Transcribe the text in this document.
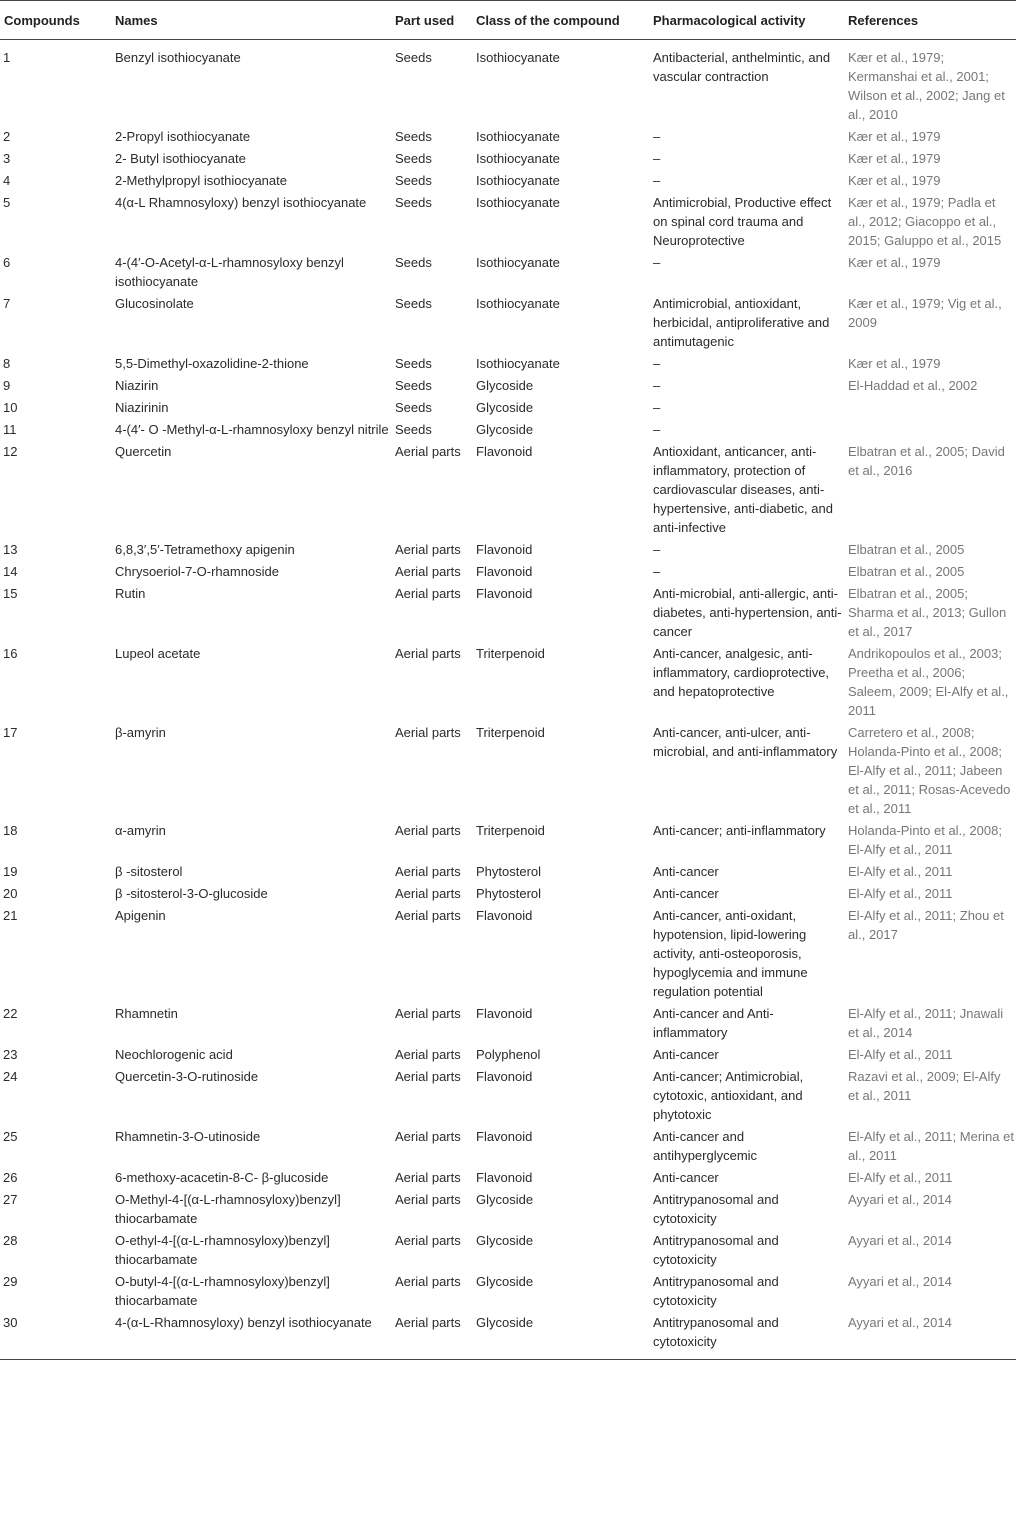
Compounds	Names	Part used	Class of the compound	Pharmacological activity	References
1	Benzyl isothiocyanate	Seeds	Isothiocyanate	Antibacterial, anthelmintic, and vascular contraction	Kær et al., 1979; Kermanshai et al., 2001; Wilson et al., 2002; Jang et al., 2010
2	2-Propyl isothiocyanate	Seeds	Isothiocyanate	–	Kær et al., 1979
3	2- Butyl isothiocyanate	Seeds	Isothiocyanate	–	Kær et al., 1979
4	2-Methylpropyl isothiocyanate	Seeds	Isothiocyanate	–	Kær et al., 1979
5	4(α-L Rhamnosyloxy) benzyl isothiocyanate	Seeds	Isothiocyanate	Antimicrobial, Productive effect on spinal cord trauma and Neuroprotective	Kær et al., 1979; Padla et al., 2012; Giacoppo et al., 2015; Galuppo et al., 2015
6	4-(4′-O-Acetyl-α-L-rhamnosyloxy benzyl isothiocyanate	Seeds	Isothiocyanate	–	Kær et al., 1979
7	Glucosinolate	Seeds	Isothiocyanate	Antimicrobial, antioxidant, herbicidal, antiproliferative and antimutagenic	Kær et al., 1979; Vig et al., 2009
8	5,5-Dimethyl-oxazolidine-2-thione	Seeds	Isothiocyanate	–	Kær et al., 1979
9	Niazirin	Seeds	Glycoside	–	El-Haddad et al., 2002
10	Niazirinin	Seeds	Glycoside	–	
11	4-(4′- O -Methyl-α-L-rhamnosyloxy benzyl nitrile	Seeds	Glycoside	–	
12	Quercetin	Aerial parts	Flavonoid	Antioxidant, anticancer, anti-inflammatory, protection of cardiovascular diseases, anti-hypertensive, anti-diabetic, and anti-infective	Elbatran et al., 2005; David et al., 2016
13	6,8,3′,5′-Tetramethoxy apigenin	Aerial parts	Flavonoid	–	Elbatran et al., 2005
14	Chrysoeriol-7-O-rhamnoside	Aerial parts	Flavonoid	–	Elbatran et al., 2005
15	Rutin	Aerial parts	Flavonoid	Anti-microbial, anti-allergic, anti-diabetes, anti-hypertension, anti-cancer	Elbatran et al., 2005; Sharma et al., 2013; Gullon et al., 2017
16	Lupeol acetate	Aerial parts	Triterpenoid	Anti-cancer, analgesic, anti-inflammatory, cardioprotective, and hepatoprotective	Andrikopoulos et al., 2003; Preetha et al., 2006; Saleem, 2009; El-Alfy et al., 2011
17	β-amyrin	Aerial parts	Triterpenoid	Anti-cancer, anti-ulcer, anti-microbial, and anti-inflammatory	Carretero et al., 2008; Holanda-Pinto et al., 2008; El-Alfy et al., 2011; Jabeen et al., 2011; Rosas-Acevedo et al., 2011
18	α-amyrin	Aerial parts	Triterpenoid	Anti-cancer; anti-inflammatory	Holanda-Pinto et al., 2008; El-Alfy et al., 2011
19	β -sitosterol	Aerial parts	Phytosterol	Anti-cancer	El-Alfy et al., 2011
20	β -sitosterol-3-O-glucoside	Aerial parts	Phytosterol	Anti-cancer	El-Alfy et al., 2011
21	Apigenin	Aerial parts	Flavonoid	Anti-cancer, anti-oxidant, hypotension, lipid-lowering activity, anti-osteoporosis, hypoglycemia and immune regulation potential	El-Alfy et al., 2011; Zhou et al., 2017
22	Rhamnetin	Aerial parts	Flavonoid	Anti-cancer and Anti-inflammatory	El-Alfy et al., 2011; Jnawali et al., 2014
23	Neochlorogenic acid	Aerial parts	Polyphenol	Anti-cancer	El-Alfy et al., 2011
24	Quercetin-3-O-rutinoside	Aerial parts	Flavonoid	Anti-cancer; Antimicrobial, cytotoxic, antioxidant, and phytotoxic	Razavi et al., 2009; El-Alfy et al., 2011
25	Rhamnetin-3-O-utinoside	Aerial parts	Flavonoid	Anti-cancer and antihyperglycemic	El-Alfy et al., 2011; Merina et al., 2011
26	6-methoxy-acacetin-8-C- β-glucoside	Aerial parts	Flavonoid	Anti-cancer	El-Alfy et al., 2011
27	O-Methyl-4-[(α-L-rhamnosyloxy)benzyl] thiocarbamate	Aerial parts	Glycoside	Antitrypanosomal and cytotoxicity	Ayyari et al., 2014
28	O-ethyl-4-[(α-L-rhamnosyloxy)benzyl] thiocarbamate	Aerial parts	Glycoside	Antitrypanosomal and cytotoxicity	Ayyari et al., 2014
29	O-butyl-4-[(α-L-rhamnosyloxy)benzyl] thiocarbamate	Aerial parts	Glycoside	Antitrypanosomal and cytotoxicity	Ayyari et al., 2014
30	4-(α-L-Rhamnosyloxy) benzyl isothiocyanate	Aerial parts	Glycoside	Antitrypanosomal and cytotoxicity	Ayyari et al., 2014
